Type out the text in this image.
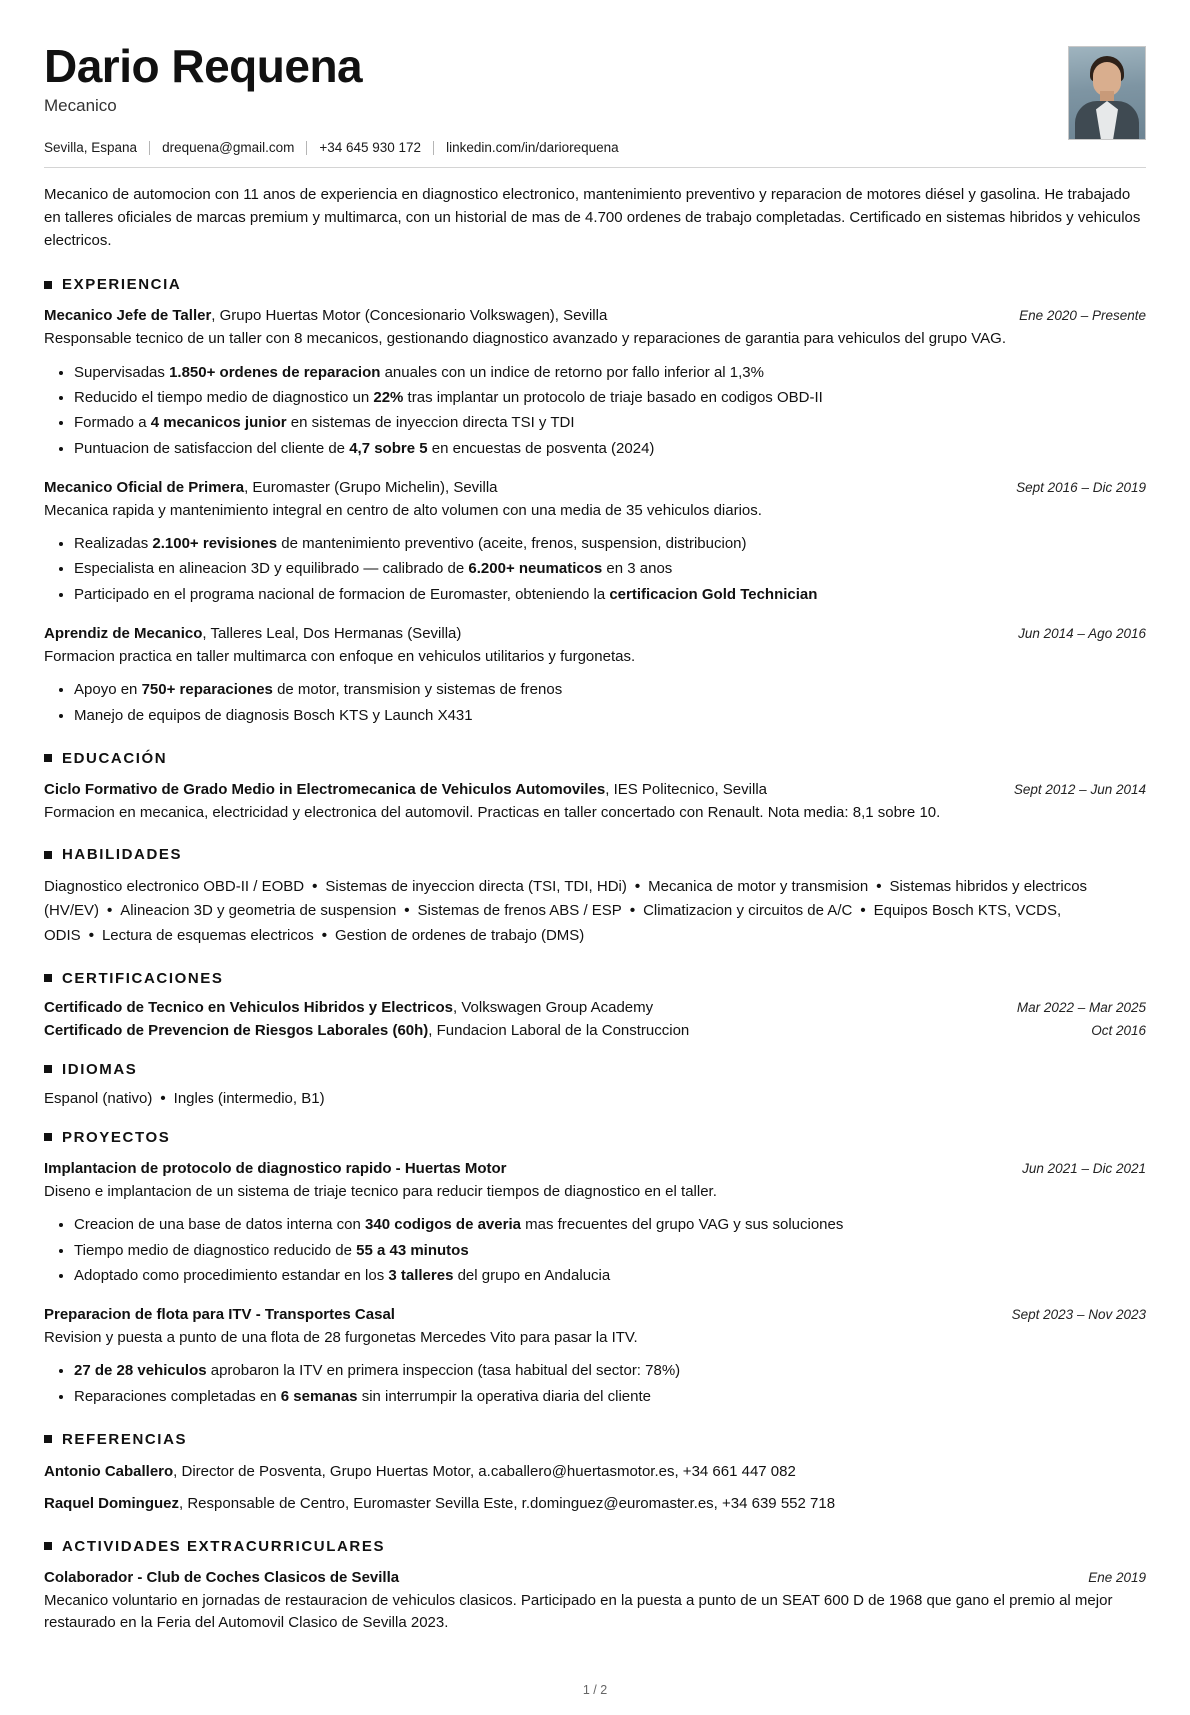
Dario Requena
Mecanico
Sevilla, Espana drequena@gmail.com +34 645 930 172 linkedin.com/in/dariorequena

Mecanico de automocion con 11 anos de experiencia en diagnostico electronico, mantenimiento preventivo y reparacion de motores diésel y gasolina. He trabajado en talleres oficiales de marcas premium y multimarca, con un historial de mas de 4.700 ordenes de trabajo completadas. Certificado en sistemas hibridos y vehiculos electricos.

EXPERIENCIA
Mecanico Jefe de Taller, Grupo Huertas Motor (Concesionario Volkswagen), Sevilla	Ene 2020 – Presente
Responsable tecnico de un taller con 8 mecanicos, gestionando diagnostico avanzado y reparaciones de garantia para vehiculos del grupo VAG.
• Supervisadas 1.850+ ordenes de reparacion anuales con un indice de retorno por fallo inferior al 1,3%
• Reducido el tiempo medio de diagnostico un 22% tras implantar un protocolo de triaje basado en codigos OBD-II
• Formado a 4 mecanicos junior en sistemas de inyeccion directa TSI y TDI
• Puntuacion de satisfaccion del cliente de 4,7 sobre 5 en encuestas de posventa (2024)
Mecanico Oficial de Primera, Euromaster (Grupo Michelin), Sevilla	Sept 2016 – Dic 2019
Mecanica rapida y mantenimiento integral en centro de alto volumen con una media de 35 vehiculos diarios.
• Realizadas 2.100+ revisiones de mantenimiento preventivo (aceite, frenos, suspension, distribucion)
• Especialista en alineacion 3D y equilibrado — calibrado de 6.200+ neumaticos en 3 anos
• Participado en el programa nacional de formacion de Euromaster, obteniendo la certificacion Gold Technician
Aprendiz de Mecanico, Talleres Leal, Dos Hermanas (Sevilla)	Jun 2014 – Ago 2016
Formacion practica en taller multimarca con enfoque en vehiculos utilitarios y furgonetas.
• Apoyo en 750+ reparaciones de motor, transmision y sistemas de frenos
• Manejo de equipos de diagnosis Bosch KTS y Launch X431
EDUCACIÓN
Ciclo Formativo de Grado Medio in Electromecanica de Vehiculos Automoviles, IES Politecnico, Sevilla	Sept 2012 – Jun 2014
Formacion en mecanica, electricidad y electronica del automovil. Practicas en taller concertado con Renault. Nota media: 8,1 sobre 10.
HABILIDADES
Diagnostico electronico OBD-II / EOBD • Sistemas de inyeccion directa (TSI, TDI, HDi) • Mecanica de motor y transmision • Sistemas hibridos y electricos (HV/EV) • Alineacion 3D y geometria de suspension • Sistemas de frenos ABS / ESP • Climatizacion y circuitos de A/C • Equipos Bosch KTS, VCDS, ODIS • Lectura de esquemas electricos • Gestion de ordenes de trabajo (DMS)
CERTIFICACIONES
Certificado de Tecnico en Vehiculos Hibridos y Electricos, Volkswagen Group Academy	Mar 2022 – Mar 2025
Certificado de Prevencion de Riesgos Laborales (60h), Fundacion Laboral de la Construccion	Oct 2016
IDIOMAS
Espanol (nativo) • Ingles (intermedio, B1)
PROYECTOS
Implantacion de protocolo de diagnostico rapido - Huertas Motor	Jun 2021 – Dic 2021
Diseno e implantacion de un sistema de triaje tecnico para reducir tiempos de diagnostico en el taller.
• Creacion de una base de datos interna con 340 codigos de averia mas frecuentes del grupo VAG y sus soluciones
• Tiempo medio de diagnostico reducido de 55 a 43 minutos
• Adoptado como procedimiento estandar en los 3 talleres del grupo en Andalucia
Preparacion de flota para ITV - Transportes Casal	Sept 2023 – Nov 2023
Revision y puesta a punto de una flota de 28 furgonetas Mercedes Vito para pasar la ITV.
• 27 de 28 vehiculos aprobaron la ITV en primera inspeccion (tasa habitual del sector: 78%)
• Reparaciones completadas en 6 semanas sin interrumpir la operativa diaria del cliente
REFERENCIAS
Antonio Caballero, Director de Posventa, Grupo Huertas Motor, a.caballero@huertasmotor.es, +34 661 447 082
Raquel Dominguez, Responsable de Centro, Euromaster Sevilla Este, r.dominguez@euromaster.es, +34 639 552 718
ACTIVIDADES EXTRACURRICULARES
Colaborador - Club de Coches Clasicos de Sevilla	Ene 2019
Mecanico voluntario en jornadas de restauracion de vehiculos clasicos. Participado en la puesta a punto de un SEAT 600 D de 1968 que gano el premio al mejor restaurado en la Feria del Automovil Clasico de Sevilla 2023.
1 / 2
